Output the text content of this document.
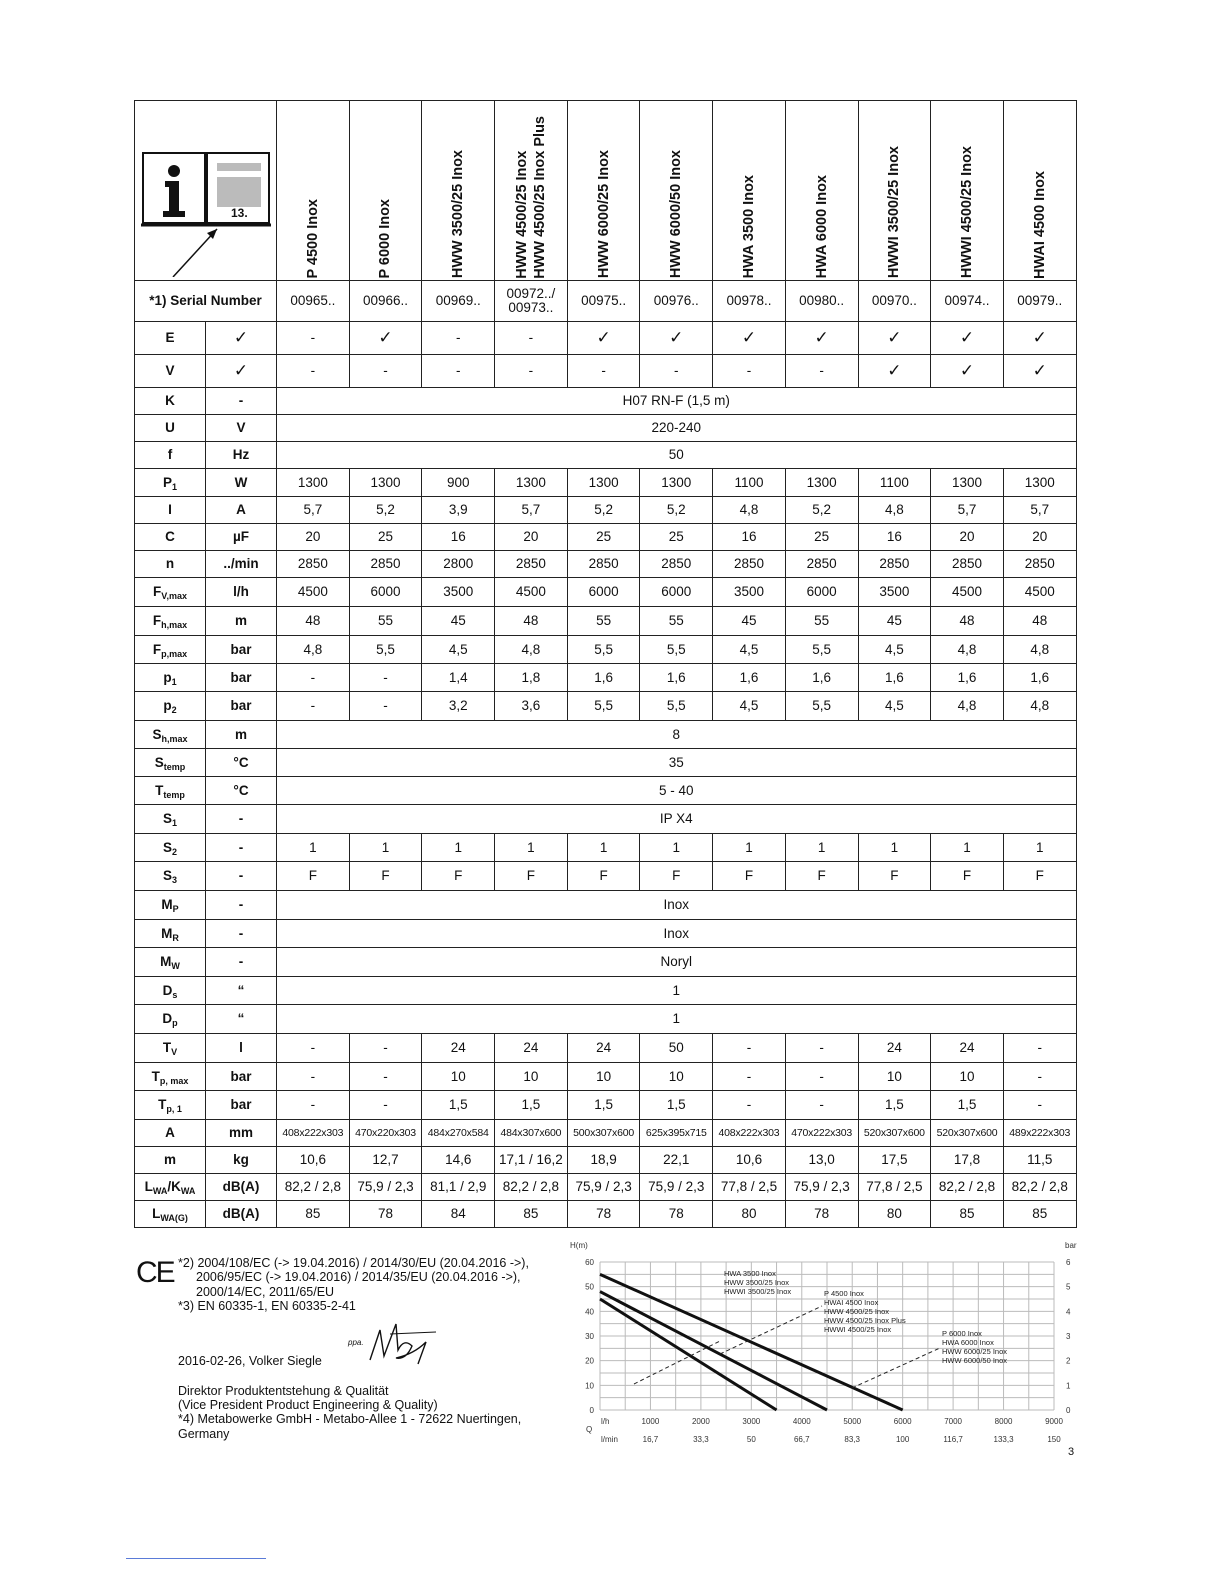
13.		P 4500 Inox	P 6000 Inox	HWW 3500/25 Inox	HWW 4500/25 Inox HWW 4500/25 Inox Plus	HWW 6000/25 Inox	HWW 6000/50 Inox	HWA 3500 Inox	HWA 6000 Inox	HWWI 3500/25 Inox	HWWI 4500/25 Inox	HWAI 4500 Inox

*1) Serial Number		00965..	00966..	00969..	00972../
00973..	00975..	00976..	00978..	00980..	00970..	00974..	00979..
E	✓	-	✓	-	-	✓	✓	✓	✓	✓	✓	✓
V	✓	-	-	-	-	-	-	-	-	✓	✓	✓
K	-	H07 RN-F (1,5 m)										
U	V	220-240										
f	Hz	50										
$P_1$	W	1300	1300	900	1300	1300	1300	1100	1300	1100	1300	1300
I	A	5,7	5,2	3,9	5,7	5,2	5,2	4,8	5,2	4,8	5,7	5,7
C	µF	20	25	16	20	25	25	16	25	16	20	20
n	../min	2850	2850	2800	2850	2850	2850	2850	2850	2850	2850	2850
$F_{V,max}$	l/h	4500	6000	3500	4500	6000	6000	3500	6000	3500	4500	4500
$F_{h,max}$	m	48	55	45	48	55	55	45	55	45	48	48
$F_{p,max}$	bar	4,8	5,5	4,5	4,8	5,5	5,5	4,5	5,5	4,5	4,8	4,8
$p_1$	bar	-	-	1,4	1,8	1,6	1,6	1,6	1,6	1,6	1,6	1,6
$p_2$	bar	-	-	3,2	3,6	5,5	5,5	4,5	5,5	4,5	4,8	4,8
$S_{h,max}$	m	8										
$S_{temp}$	°C	35										
$T_{temp}$	°C	5 - 40										
$S_1$	-	IP X4										
$S_2$	-	1	1	1	1	1	1	1	1	1	1	1
$S_3$	-	F	F	F	F	F	F	F	F	F	F	F
$M_P$	-	Inox										
$M_R$	-	Inox										
$M_W$	-	Noryl										
$D_s$	“	1										
$D_p$	“	1										
$T_V$	l	-	-	24	24	24	50	-	-	24	24	-
$T_{p, max}$	bar	-	-	10	10	10	10	-	-	10	10	-
$T_{p, 1}$	bar	-	-	1,5	1,5	1,5	1,5	-	-	1,5	1,5	-
A	mm	408x222x303	470x220x303	484x270x584	484x307x600	500x307x600	625x395x715	408x222x303	470x222x303	520x307x600	520x307x600	489x222x303
m	kg	10,6	12,7	14,6	17,1 / 16,2	18,9	22,1	10,6	13,0	17,5	17,8	11,5
$L_{WA}/K_{WA}$	dB(A)	82,2 / 2,8	75,9 / 2,3	81,1 / 2,9	82,2 / 2,8	75,9 / 2,3	75,9 / 2,3	77,8 / 2,5	75,9 / 2,3	77,8 / 2,5	82,2 / 2,8	82,2 / 2,8
$L_{WA(G)}$	dB(A)	85	78	84	85	78	78	80	78	80	85	85
CE *2) 2004/108/EC (-> 19.04.2016) / 2014/30/EU (20.04.2016 ->),
2006/95/EC (-> 19.04.2016) / 2014/35/EU (20.04.2016 ->),
2000/14/EC, 2011/65/EU
*3) EN 60335-1, EN 60335-2-41
2016-02-26, Volker Siegle
ppa.
Direktor Produktentstehung & Qualität
(Vice President Product Engineering & Quality)
*4) Metabowerke GmbH - Metabo-Allee 1 - 72622 Nuertingen,
Germany
H(m)	bar
0
10
20
30
40
50
60
0
1
2
3
4
5
6
l/h
Q
l/min
1000
16,7
2000
33,3
3000
50
4000
66,7
5000
83,3
6000
100
7000
116,7
8000
133,3
9000
150
HWA 3500 Inox
HWW 3500/25 Inox
HWWI 3500/25 Inox	P 4500 Inox
HWAI 4500 Inox
HWW 4500/25 Inox
HWW 4500/25 Inox Plus
HWWI 4500/25 Inox	P 6000 Inox
HWA 6000 Inox
HWW 6000/25 Inox
HWW 6000/50 Inox
3
